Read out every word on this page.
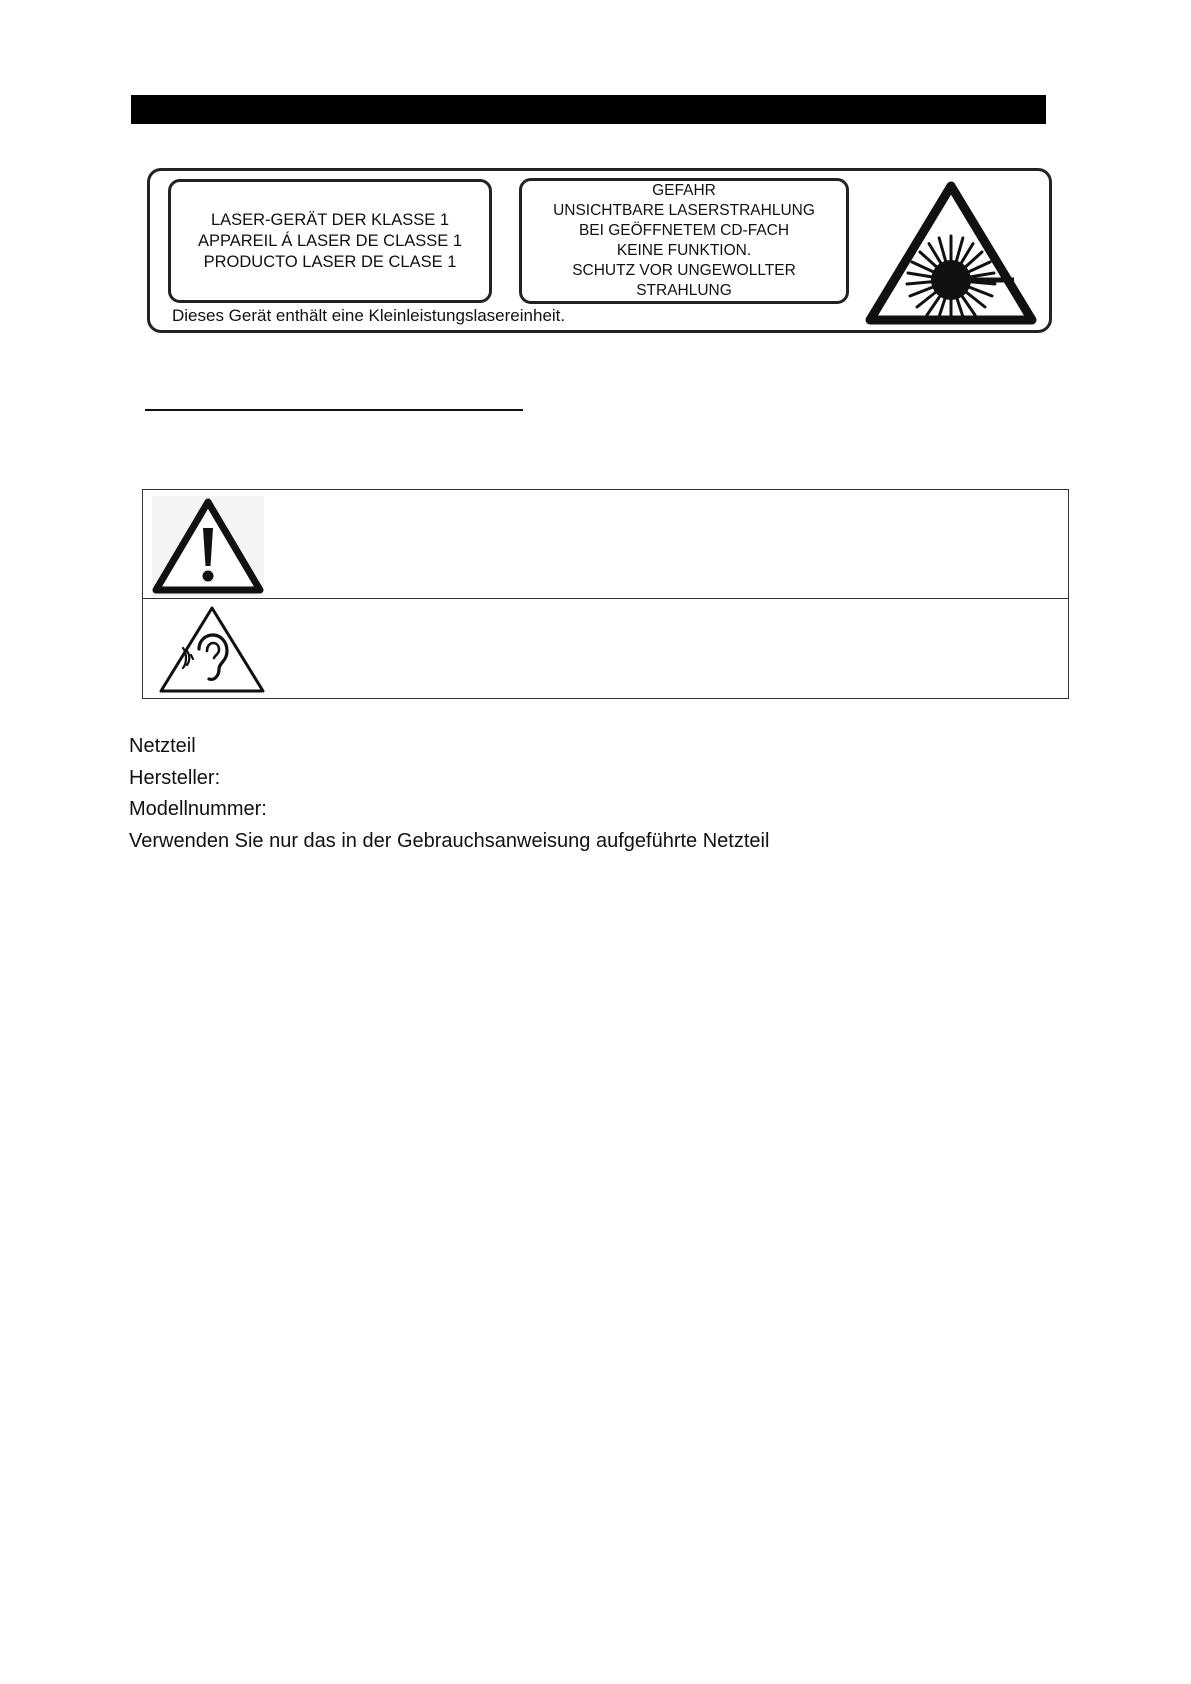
LASER-GERÄT DER KLASSE 1
APPAREIL Á LASER DE CLASSE 1
PRODUCTO LASER DE CLASE 1
GEFAHR
UNSICHTBARE LASERSTRAHLUNG
BEI GEÖFFNETEM CD-FACH
KEINE FUNKTION.
SCHUTZ VOR UNGEWOLLTER
STRAHLUNG
Dieses Gerät enthält eine Kleinleistungslasereinheit.
Netzteil
Hersteller:
Modellnummer:
Verwenden Sie nur das in der Gebrauchsanweisung aufgeführte Netzteil
